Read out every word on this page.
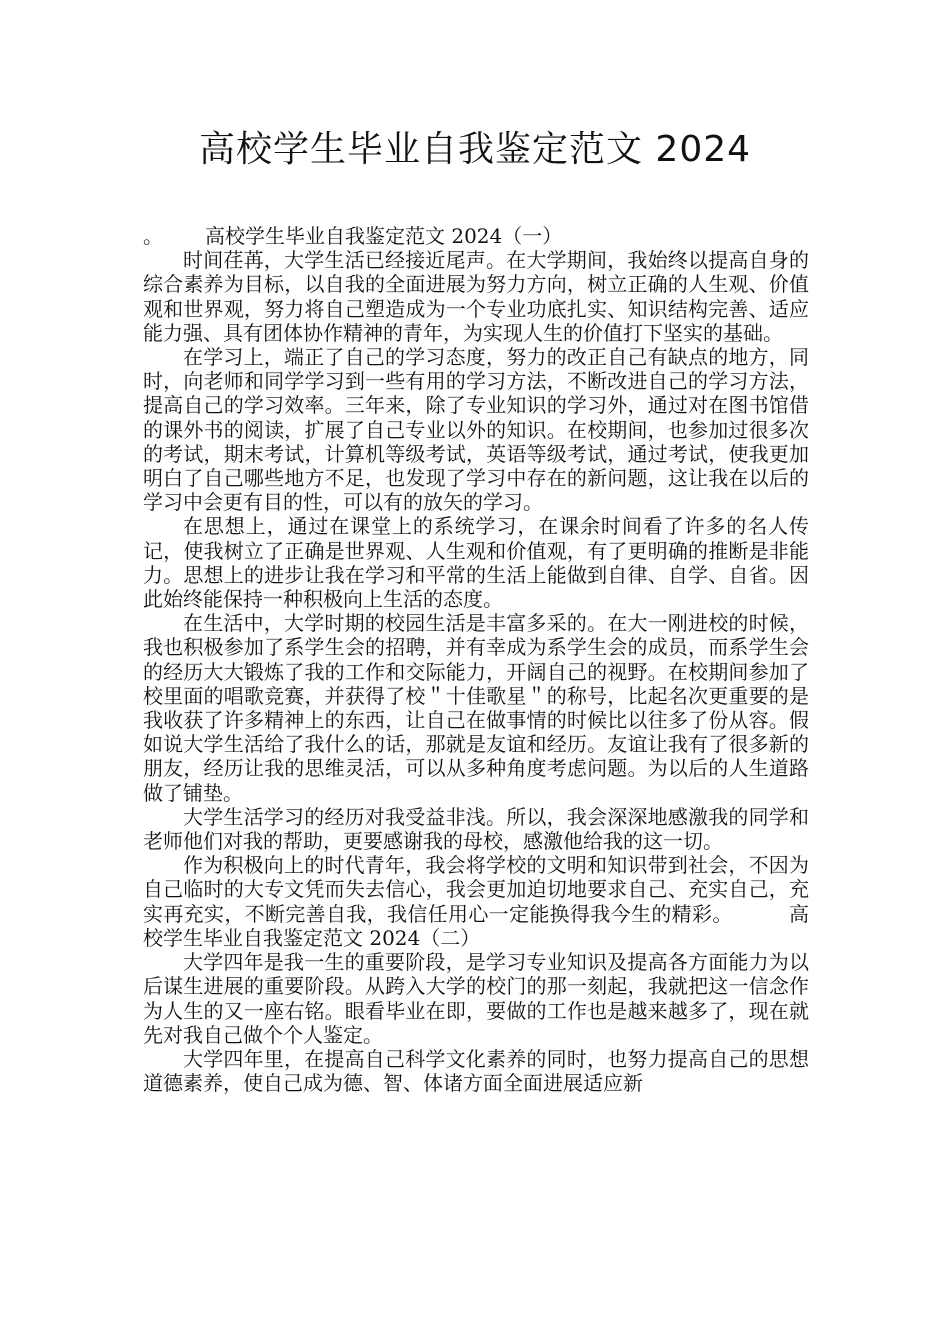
高校学生毕业自我鉴定范文 2024

。 高校学生毕业自我鉴定范文 2024（一）

时间荏苒，大学生活已经接近尾声。在大学期间，我始终以提高自身的综合素养为目标，以自我的全面进展为努力方向，树立正确的人生观、价值观和世界观，努力将自己塑造成为一个专业功底扎实、知识结构完善、适应能力强、具有团体协作精神的青年，为实现人生的价值打下坚实的基础。

在学习上，端正了自己的学习态度，努力的改正自己有缺点的地方，同时，向老师和同学学习到一些有用的学习方法，不断改进自己的学习方法，提高自己的学习效率。三年来，除了专业知识的学习外，通过对在图书馆借的课外书的阅读，扩展了自己专业以外的知识。在校期间，也参加过很多次的考试，期末考试，计算机等级考试，英语等级考试，通过考试，使我更加明白了自己哪些地方不足，也发现了学习中存在的新问题，这让我在以后的学习中会更有目的性，可以有的放矢的学习。

在思想上，通过在课堂上的系统学习，在课余时间看了许多的名人传记，使我树立了正确是世界观、人生观和价值观，有了更明确的推断是非能力。思想上的进步让我在学习和平常的生活上能做到自律、自学、自省。因此始终能保持一种积极向上生活的态度。

在生活中，大学时期的校园生活是丰富多采的。在大一刚进校的时候，我也积极参加了系学生会的招聘，并有幸成为系学生会的成员，而系学生会的经历大大锻炼了我的工作和交际能力，开阔自己的视野。在校期间参加了校里面的唱歌竞赛，并获得了校＂十佳歌星＂的称号，比起名次更重要的是我收获了许多精神上的东西，让自己在做事情的时候比以往多了份从容。假如说大学生活给了我什么的话，那就是友谊和经历。友谊让我有了很多新的朋友，经历让我的思维灵活，可以从多种角度考虑问题。为以后的人生道路做了铺垫。

大学生活学习的经历对我受益非浅。所以，我会深深地感激我的同学和老师他们对我的帮助，更要感谢我的母校，感激他给我的这一切。

作为积极向上的时代青年，我会将学校的文明和知识带到社会，不因为自己临时的大专文凭而失去信心，我会更加迫切地要求自己、充实自己，充实再充实，不断完善自我，我信任用心一定能换得我今生的精彩。	高校学生毕业自我鉴定范文 2024（二）

大学四年是我一生的重要阶段，是学习专业知识及提高各方面能力为以后谋生进展的重要阶段。从跨入大学的校门的那一刻起，我就把这一信念作为人生的又一座右铭。眼看毕业在即，要做的工作也是越来越多了，现在就先对我自己做个个人鉴定。

大学四年里，在提高自己科学文化素养的同时，也努力提高自己的思想道德素养，使自己成为德、智、体诸方面全面进展适应新
